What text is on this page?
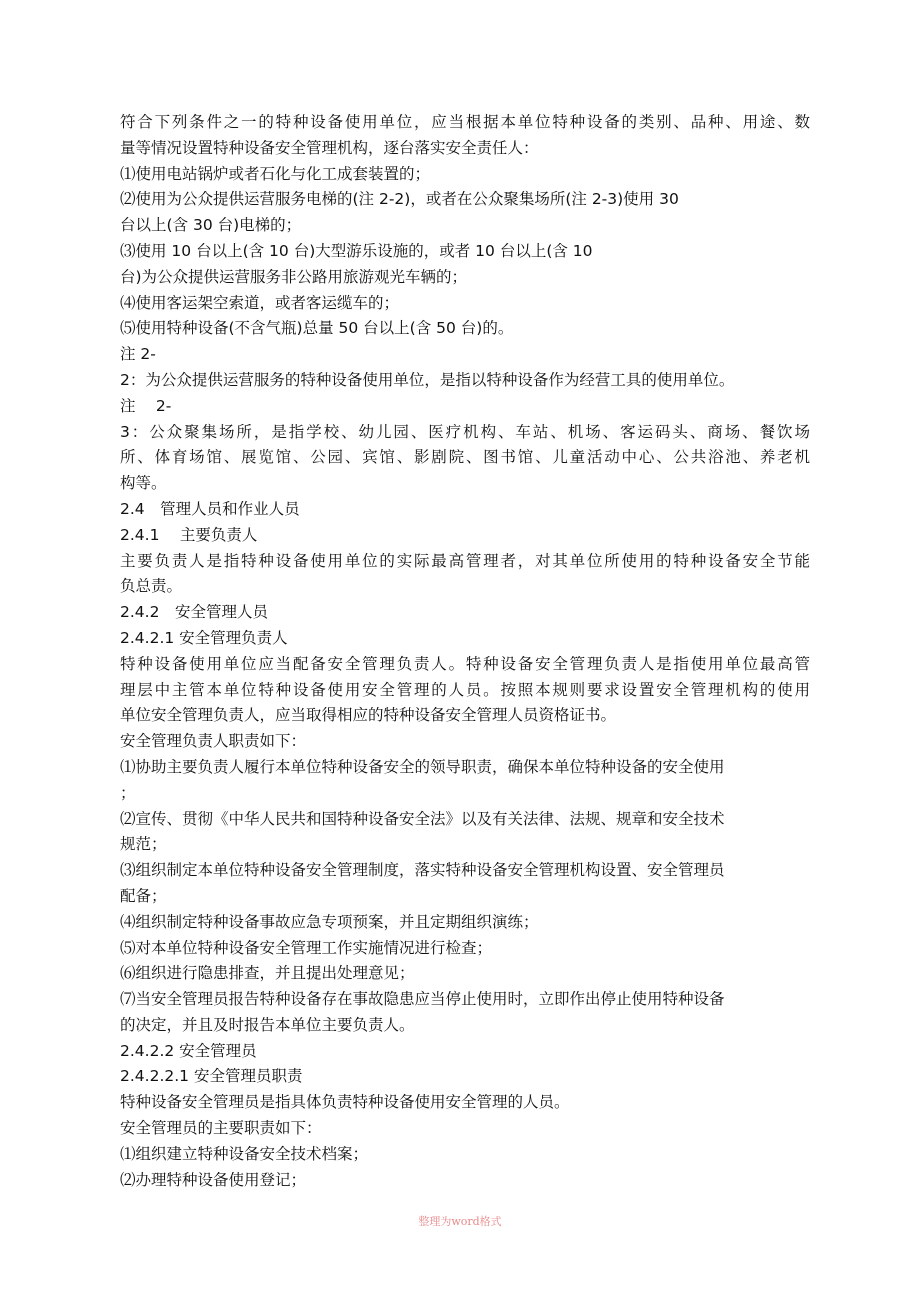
符合下列条件之一的特种设备使用单位，应当根据本单位特种设备的类别、品种、用途、数
量等情况设置特种设备安全管理机构，逐台落实安全责任人：
⑴使用电站锅炉或者石化与化工成套装置的；
⑵使用为公众提供运营服务电梯的(注 2-2)，或者在公众聚集场所(注 2-3)使用 30
台以上(含 30 台)电梯的；
⑶使用 10 台以上(含 10 台)大型游乐设施的，或者 10 台以上(含 10
台)为公众提供运营服务非公路用旅游观光车辆的；
⑷使用客运架空索道，或者客运缆车的；
⑸使用特种设备(不含气瓶)总量 50 台以上(含 50 台)的。
注 2-
2：为公众提供运营服务的特种设备使用单位，是指以特种设备作为经营工具的使用单位。
注　 2-
3：公众聚集场所，是指学校、幼儿园、医疗机构、车站、机场、客运码头、商场、餐饮场
所、体育场馆、展览馆、公园、宾馆、影剧院、图书馆、儿童活动中心、公共浴池、养老机
构等。
2.4　管理人员和作业人员
2.4.1　 主要负责人
主要负责人是指特种设备使用单位的实际最高管理者，对其单位所使用的特种设备安全节能
负总责。
2.4.2　安全管理人员
2.4.2.1 安全管理负责人
特种设备使用单位应当配备安全管理负责人。特种设备安全管理负责人是指使用单位最高管
理层中主管本单位特种设备使用安全管理的人员。按照本规则要求设置安全管理机构的使用
单位安全管理负责人，应当取得相应的特种设备安全管理人员资格证书。
安全管理负责人职责如下：
⑴协助主要负责人履行本单位特种设备安全的领导职责，确保本单位特种设备的安全使用
；
⑵宣传、贯彻《中华人民共和国特种设备安全法》以及有关法律、法规、规章和安全技术
规范；
⑶组织制定本单位特种设备安全管理制度，落实特种设备安全管理机构设置、安全管理员
配备；
⑷组织制定特种设备事故应急专项预案，并且定期组织演练；
⑸对本单位特种设备安全管理工作实施情况进行检查；
⑹组织进行隐患排查，并且提出处理意见；
⑺当安全管理员报告特种设备存在事故隐患应当停止使用时，立即作出停止使用特种设备
的决定，并且及时报告本单位主要负责人。
2.4.2.2 安全管理员
2.4.2.2.1 安全管理员职责
特种设备安全管理员是指具体负责特种设备使用安全管理的人员。
安全管理员的主要职责如下：
⑴组织建立特种设备安全技术档案；
⑵办理特种设备使用登记；
整理为word格式
